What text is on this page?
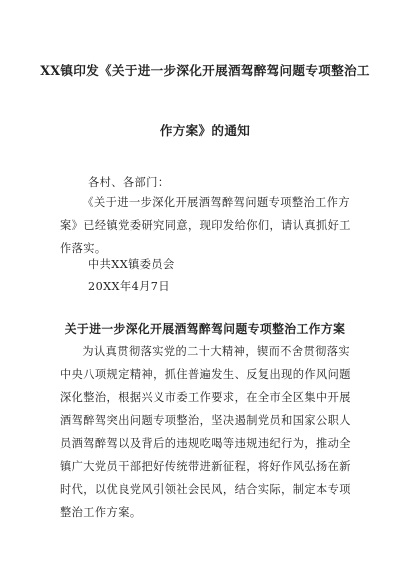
XX镇印发《关于进一步深化开展酒驾醉驾问题专项整治工
作方案》的通知
各村、各部门：
《关于进一步深化开展酒驾醉驾问题专项整治工作方案》已经镇党委研究同意，现印发给你们，请认真抓好工作落实。
中共XX镇委员会
20XX年4月7日
关于进一步深化开展酒驾醉驾问题专项整治工作方案
为认真贯彻落实党的二十大精神，锲而不舍贯彻落实中央八项规定精神，抓住普遍发生、反复出现的作风问题深化整治，根据兴义市委工作要求，在全市全区集中开展酒驾醉驾突出问题专项整治，坚决遏制党员和国家公职人员酒驾醉驾以及背后的违规吃喝等违规违纪行为，推动全镇广大党员干部把好传统带进新征程，将好作风弘扬在新时代，以优良党风引领社会民风，结合实际，制定本专项整治工作方案。
